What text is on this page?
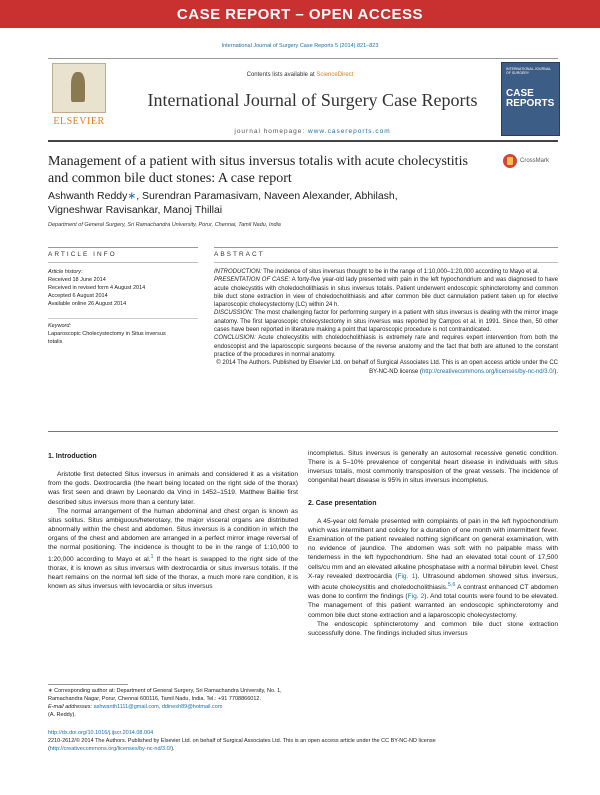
CASE REPORT – OPEN ACCESS
International Journal of Surgery Case Reports 5 (2014) 821–823
ELSEVIER
Contents lists available at ScienceDirect
International Journal of Surgery Case Reports
journal homepage: www.casereports.com
INTERNATIONAL JOURNAL OF SURGERY
CASE
REPORTS
Management of a patient with situs inversus totalis with acute cholecystitis and common bile duct stones: A case report
CrossMark
Ashwanth Reddy∗, Surendran Paramasivam, Naveen Alexander, Abhilash,
Vigneshwar Ravisankar, Manoj Thillai
Department of General Surgery, Sri Ramachandra University, Porur, Chennai, Tamil Nadu, India
ARTICLE INFO	ABSTRACT
Article history:
Received 18 June 2014
Received in revised form 4 August 2014
Accepted 6 August 2014
Available online 26 August 2014
Keyword:
Laparoscopic Cholecystectomy in Situs inversus totalis

INTRODUCTION: The incidence of situs inversus thought to be in the range of 1:10,000–1:20,000 according to Mayo et al.

PRESENTATION OF CASE: A forty-five year-old lady presented with pain in the left hypochondrium and was diagnosed to have acute cholecystitis with choledocholithiasis in situs inversus totalis. Patient underwent endoscopic sphincterotomy and common bile duct stone extraction in view of choledocholithiasis and after common bile duct cannulation patient taken up for elective laparoscopic cholecystectomy (LC) within 24 h.

DISCUSSION: The most challenging factor for performing surgery in a patient with situs inversus is dealing with the mirror image anatomy. The first laparoscopic cholecystectomy in situs inversus was reported by Campos et al. in 1991. Since then, 50 other cases have been reported in literature making a point that laparoscopic procedure is not contraindicated.

CONCLUSION: Acute cholecystitis with choledocholithiasis is extremely rare and requires expert intervention from both the endoscopist and the laparoscopic surgeons because of the reverse anatomy and the fact that both are attuned to the constant practice of the procedures in normal anatomy.

© 2014 The Authors. Published by Elsevier Ltd. on behalf of Surgical Associates Ltd. This is an open access article under the CC BY-NC-ND license (http://creativecommons.org/licenses/by-nc-nd/3.0/).

1. Introduction

Aristotle first detected Situs inversus in animals and considered it as a visitation from the gods. Dextrocardia (the heart being located on the right side of the thorax) was first seen and drawn by Leonardo da Vinci in 1452–1519. Matthew Baillie first described situs inversus more than a century later.

The normal arrangement of the human abdominal and chest organ is known as situs solitus. Situs ambiguous/heterotaxy, the major visceral organs are distributed abnormally within the chest and abdomen. Situs inversus is a condition in which the organs of the chest and abdomen are arranged in a perfect mirror image reversal of the normal positioning. The incidence is thought to be in the range of 1:10,000 to 1:20,000 according to Mayo et al.$^1$ If the heart is swapped to the right side of the thorax, it is known as situs inversus with dextrocardia or situs inversus totalis. If the heart remains on the normal left side of the thorax, a much more rare condition, it is known as situs inversus with levocardia or situs inversus

∗ Corresponding author at: Department of General Surgery, Sri Ramachandra University, No. 1, Ramachandra Nagar, Porur, Chennai 600116, Tamil Nadu, India. Tel.: +91 7708866012.
E-mail addresses: ashwanth1111@gmail.com, ddinesh89@hotmail.com
(A. Reddy).
http://dx.doi.org/10.1016/j.ijscr.2014.08.004
2210-2612/© 2014 The Authors. Published by Elsevier Ltd. on behalf of Surgical Associates Ltd. This is an open access article under the CC BY-NC-ND license
(http://creativecommons.org/licenses/by-nc-nd/3.0/).

incompletus. Situs inversus is generally an autosomal recessive genetic condition. There is a 5–10% prevalence of congenital heart disease in individuals with situs inversus totalis, most commonly transposition of the great vessels. The incidence of congenital heart disease is 95% in situs inversus incompletus.

2. Case presentation

A 45-year old female presented with complaints of pain in the left hypochondrium which was intermittent and colicky for a duration of one month with intermittent fever. Examination of the patient revealed nothing significant on general examination, with no evidence of jaundice. The abdomen was soft with no palpable mass with tenderness in the left hypochondrium. She had an elevated total count of 17,500 cells/cu mm and an elevated alkaline phosphatase with a normal bilirubin level. Chest X-ray revealed dextrocardia (Fig. 1). Ultrasound abdomen showed situs inversus, with acute cholecystitis and choledocholithiasis.$^{5,6}$ A contrast enhanced CT abdomen was done to confirm the findings (Fig. 2). And total counts were found to be elevated. The management of this patient warranted an endoscopic sphincterotomy and common bile duct stone extraction and a laparoscopic cholecystectomy.

The endoscopic sphincterotomy and common bile duct stone extraction successfully done. The findings included situs inversus
